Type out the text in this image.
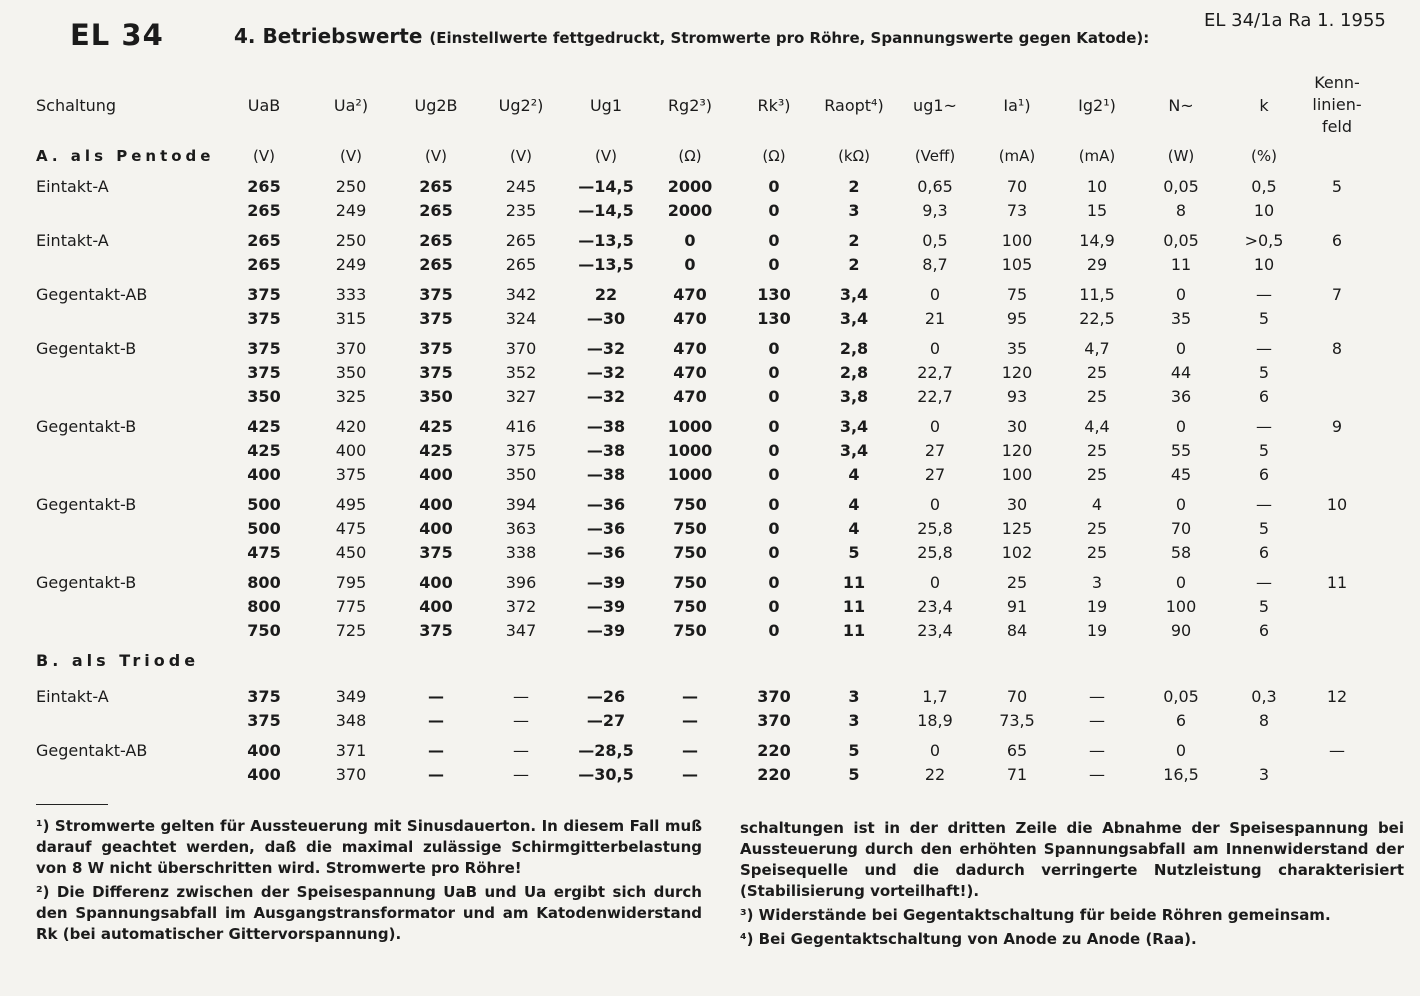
EL 34	4. Betriebswerte (Einstellwerte fettgedruckt, Stromwerte pro Röhre, Spannungswerte gegen Katode):
EL 34/1a Ra 1. 1955
Schaltung	UaB	Ua²)	Ug2B	Ug2²)	Ug1	Rg2³)	Rk³)	Raopt⁴)	ug1~	Ia¹)	Ig2¹)	N~	k	Kenn-
linien-
feld
A. als Pentode	(V)	(V)	(V)	(V)	(V)	(Ω)	(Ω)	(kΩ)	(Veff)	(mA)	(mA)	(W)	(%)	
Eintakt-A	265	250	265	245	—14,5	2000	0	2	0,65	70	10	0,05	0,5	5
	265	249	265	235	—14,5	2000	0	3	9,3	73	15	8	10	

Eintakt-A	265	250	265	265	—13,5	0	0	2	0,5	100	14,9	0,05	>0,5	6
	265	249	265	265	—13,5	0	0	2	8,7	105	29	11	10	

Gegentakt-AB	375	333	375	342	22	470	130	3,4	0	75	11,5	0	—	7
	375	315	375	324	—30	470	130	3,4	21	95	22,5	35	5	

Gegentakt-B	375	370	375	370	—32	470	0	2,8	0	35	4,7	0	—	8
	375	350	375	352	—32	470	0	2,8	22,7	120	25	44	5	
	350	325	350	327	—32	470	0	3,8	22,7	93	25	36	6	

Gegentakt-B	425	420	425	416	—38	1000	0	3,4	0	30	4,4	0	—	9
	425	400	425	375	—38	1000	0	3,4	27	120	25	55	5	
	400	375	400	350	—38	1000	0	4	27	100	25	45	6	

Gegentakt-B	500	495	400	394	—36	750	0	4	0	30	4	0	—	10
	500	475	400	363	—36	750	0	4	25,8	125	25	70	5	
	475	450	375	338	—36	750	0	5	25,8	102	25	58	6	

Gegentakt-B	800	795	400	396	—39	750	0	11	0	25	3	0	—	11
	800	775	400	372	—39	750	0	11	23,4	91	19	100	5	
	750	725	375	347	—39	750	0	11	23,4	84	19	90	6	
B. als Triode														

Eintakt-A	375	349	—	—	—26	—	370	3	1,7	70	—	0,05	0,3	12
	375	348	—	—	—27	—	370	3	18,9	73,5	—	6	8	

Gegentakt-AB	400	371	—	—	—28,5	—	220	5	0	65	—	0		—
	400	370	—	—	—30,5	—	220	5	22	71	—	16,5	3	

¹) Stromwerte gelten für Aussteuerung mit Sinusdauerton. In diesem Fall muß darauf geachtet werden, daß die maximal zulässige Schirmgitterbelastung von 8 W nicht überschritten wird. Stromwerte pro Röhre!

²) Die Differenz zwischen der Speisespannung UaB und Ua ergibt sich durch den Spannungsabfall im Ausgangstransformator und am Katodenwiderstand Rk (bei automatischer Gittervorspannung).

schaltungen ist in der dritten Zeile die Abnahme der Speisespannung bei Aussteuerung durch den erhöhten Spannungsabfall am Innenwiderstand der Speisequelle und die dadurch verringerte Nutzleistung charakterisiert (Stabilisierung vorteilhaft!).

³) Widerstände bei Gegentaktschaltung für beide Röhren gemeinsam.

⁴) Bei Gegentaktschaltung von Anode zu Anode (Raa).
